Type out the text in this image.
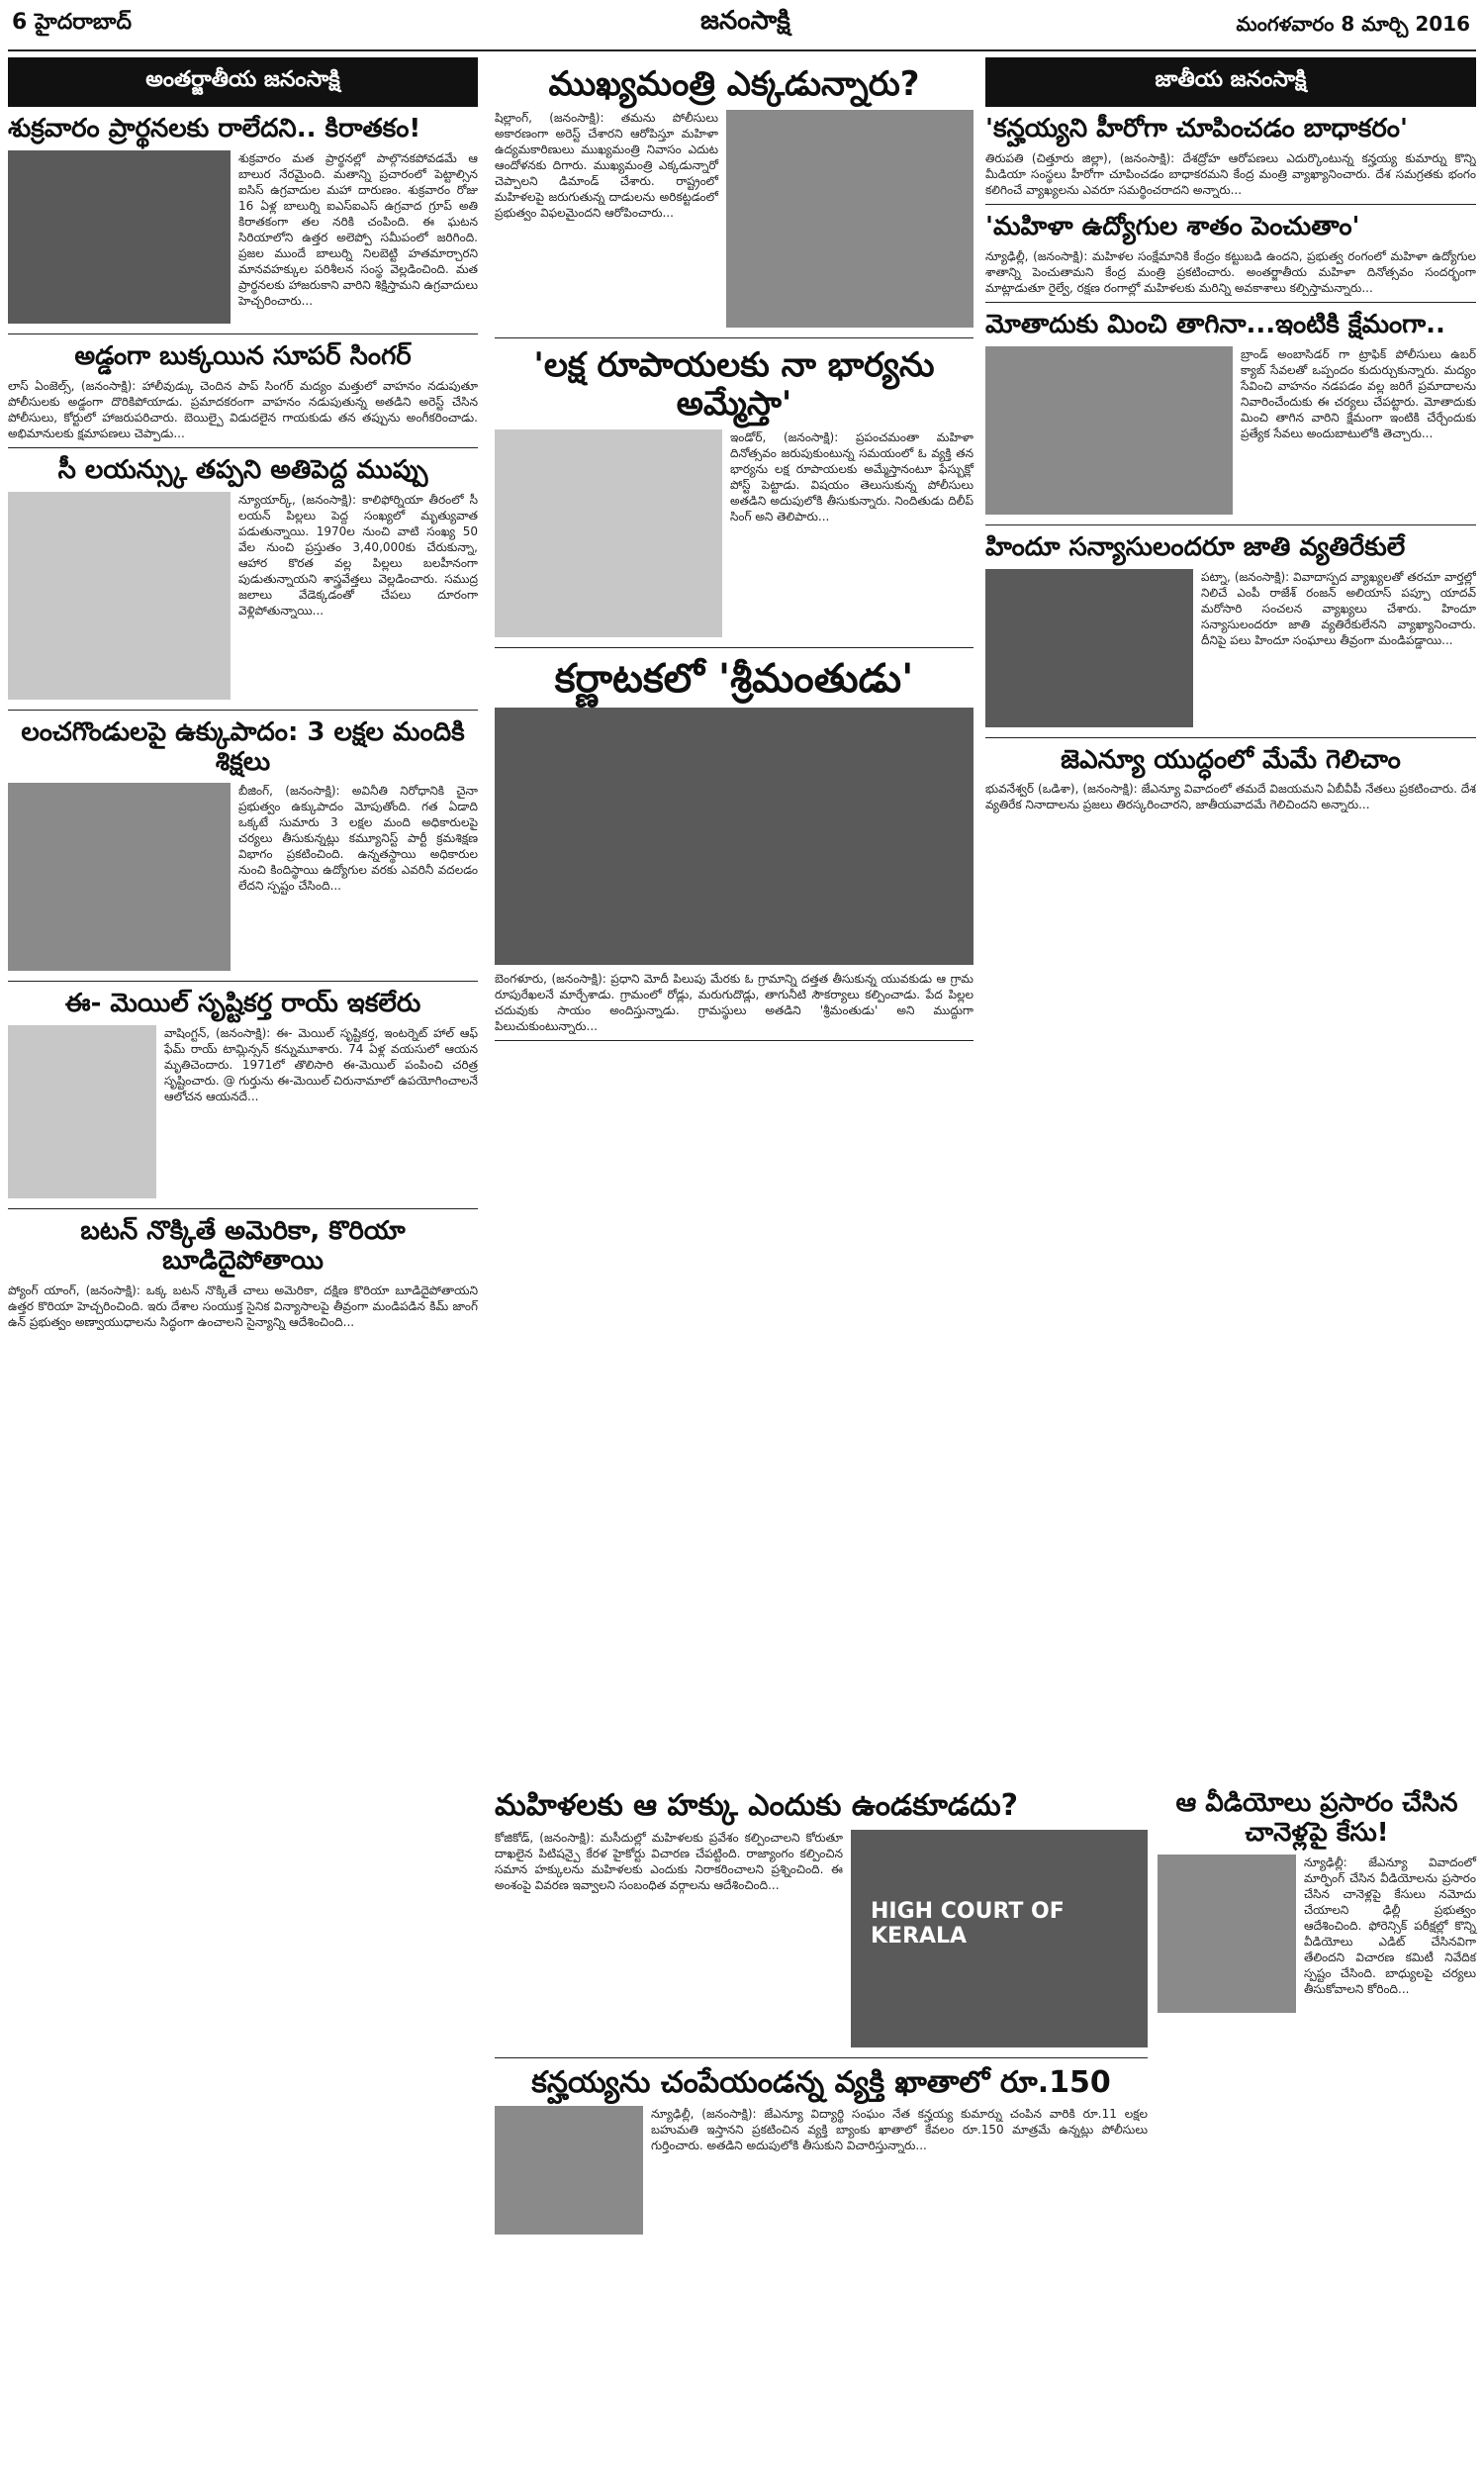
6 హైదరాబాద్	జనంసాక్షి	మంగళవారం 8 మార్చి 2016
అంతర్జాతీయ జనంసాక్షి
శుక్రవారం ప్రార్థనలకు రాలేదని.. కిరాతకం!
శుక్రవారం మత ప్రార్థనల్లో పాల్గొనకపోవడమే ఆ బాలుర నేరమైంది. మతాన్ని ప్రచారంలో పెట్టాల్సిన ఐసిస్ ఉగ్రవాదుల మహా దారుణం. శుక్రవారం రోజు 16 ఏళ్ల బాలుర్ని ఐఎస్ఐఎస్ ఉగ్రవాద గ్రూప్ అతి కిరాతకంగా తల నరికి చంపింది. ఈ ఘటన సిరియాలోని ఉత్తర అలెప్పో సమీపంలో జరిగింది. ప్రజల ముందే బాలుర్ని నిలబెట్టి హతమార్చారని మానవహక్కుల పరిశీలన సంస్థ వెల్లడించింది. మత ప్రార్థనలకు హాజరుకాని వారిని శిక్షిస్తామని ఉగ్రవాదులు హెచ్చరించారు...
అడ్డంగా బుక్కయిన సూపర్ సింగర్
లాస్ ఏంజెల్స్, (జనంసాక్షి): హాలీవుడ్కు చెందిన పాప్ సింగర్ మద్యం మత్తులో వాహనం నడుపుతూ పోలీసులకు అడ్డంగా దొరికిపోయాడు. ప్రమాదకరంగా వాహనం నడుపుతున్న అతడిని అరెస్ట్ చేసిన పోలీసులు, కోర్టులో హాజరుపరిచారు. బెయిల్పై విడుదలైన గాయకుడు తన తప్పును అంగీకరించాడు. అభిమానులకు క్షమాపణలు చెప్పాడు...
సీ లయన్స్కు తప్పని అతిపెద్ద ముప్పు
న్యూయార్క్, (జనంసాక్షి): కాలిఫోర్నియా తీరంలో సీ లయన్ పిల్లలు పెద్ద సంఖ్యలో మృత్యువాత పడుతున్నాయి. 1970ల నుంచి వాటి సంఖ్య 50 వేల నుంచి ప్రస్తుతం 3,40,000కు చేరుకున్నా, ఆహార కొరత వల్ల పిల్లలు బలహీనంగా పుడుతున్నాయని శాస్త్రవేత్తలు వెల్లడించారు. సముద్ర జలాలు వేడెక్కడంతో చేపలు దూరంగా వెళ్లిపోతున్నాయి...
లంచగొండులపై ఉక్కుపాదం: 3 లక్షల మందికి శిక్షలు
బీజింగ్, (జనంసాక్షి): అవినీతి నిరోధానికి చైనా ప్రభుత్వం ఉక్కుపాదం మోపుతోంది. గత ఏడాది ఒక్కటే సుమారు 3 లక్షల మంది అధికారులపై చర్యలు తీసుకున్నట్లు కమ్యూనిస్ట్ పార్టీ క్రమశిక్షణ విభాగం ప్రకటించింది. ఉన్నతస్థాయి అధికారుల నుంచి కిందిస్థాయి ఉద్యోగుల వరకు ఎవరినీ వదలడం లేదని స్పష్టం చేసింది...
ఈ- మెయిల్ సృష్టికర్త రాయ్ ఇకలేరు
వాషింగ్టన్, (జనంసాక్షి): ఈ- మెయిల్ సృష్టికర్త, ఇంటర్నెట్ హాల్ ఆఫ్ ఫేమ్ రాయ్ టామ్లిన్సన్ కన్నుమూశారు. 74 ఏళ్ల వయసులో ఆయన మృతిచెందారు. 1971లో తొలిసారి ఈ-మెయిల్ పంపించి చరిత్ర సృష్టించారు. @ గుర్తును ఈ-మెయిల్ చిరునామాలో ఉపయోగించాలనే ఆలోచన ఆయనదే...
బటన్ నొక్కితే అమెరికా, కొరియా బూడిదైపోతాయి
ప్యోంగ్ యాంగ్, (జనంసాక్షి): ఒక్క బటన్ నొక్కితే చాలు అమెరికా, దక్షిణ కొరియా బూడిదైపోతాయని ఉత్తర కొరియా హెచ్చరించింది. ఇరు దేశాల సంయుక్త సైనిక విన్యాసాలపై తీవ్రంగా మండిపడిన కిమ్ జాంగ్ ఉన్ ప్రభుత్వం అణ్వాయుధాలను సిద్ధంగా ఉంచాలని సైన్యాన్ని ఆదేశించింది...
ముఖ్యమంత్రి ఎక్కడున్నారు?
షిల్లాంగ్, (జనంసాక్షి): తమను పోలీసులు అకారణంగా అరెస్ట్ చేశారని ఆరోపిస్తూ మహిళా ఉద్యమకారిణులు ముఖ్యమంత్రి నివాసం ఎదుట ఆందోళనకు దిగారు. ముఖ్యమంత్రి ఎక్కడున్నారో చెప్పాలని డిమాండ్ చేశారు. రాష్ట్రంలో మహిళలపై జరుగుతున్న దాడులను అరికట్టడంలో ప్రభుత్వం విఫలమైందని ఆరోపించారు...
'లక్ష రూపాయలకు నా భార్యను అమ్మేస్తా'
ఇండోర్, (జనంసాక్షి): ప్రపంచమంతా మహిళా దినోత్సవం జరుపుకుంటున్న సమయంలో ఓ వ్యక్తి తన భార్యను లక్ష రూపాయలకు అమ్మేస్తానంటూ ఫేస్బుక్లో పోస్ట్ పెట్టాడు. విషయం తెలుసుకున్న పోలీసులు అతడిని అదుపులోకి తీసుకున్నారు. నిందితుడు దిలీప్ సింగ్ అని తెలిపారు...
కర్ణాటకలో 'శ్రీమంతుడు'
బెంగళూరు, (జనంసాక్షి): ప్రధాని మోదీ పిలుపు మేరకు ఓ గ్రామాన్ని దత్తత తీసుకున్న యువకుడు ఆ గ్రామ రూపురేఖలనే మార్చేశాడు. గ్రామంలో రోడ్లు, మరుగుదొడ్లు, తాగునీటి సౌకర్యాలు కల్పించాడు. పేద పిల్లల చదువుకు సాయం అందిస్తున్నాడు. గ్రామస్థులు అతడిని 'శ్రీమంతుడు' అని ముద్దుగా పిలుచుకుంటున్నారు...
మహిళలకు ఆ హక్కు ఎందుకు ఉండకూడదు?
HIGH COURT OF KERALA
కోజికోడ్, (జనంసాక్షి): మసీదుల్లో మహిళలకు ప్రవేశం కల్పించాలని కోరుతూ దాఖలైన పిటిషన్పై కేరళ హైకోర్టు విచారణ చేపట్టింది. రాజ్యాంగం కల్పించిన సమాన హక్కులను మహిళలకు ఎందుకు నిరాకరించాలని ప్రశ్నించింది. ఈ అంశంపై వివరణ ఇవ్వాలని సంబంధిత వర్గాలను ఆదేశించింది...
కన్హయ్యను చంపేయండన్న వ్యక్తి ఖాతాలో రూ.150
న్యూఢిల్లీ, (జనంసాక్షి): జేఎన్యూ విద్యార్థి సంఘం నేత కన్హయ్య కుమార్ను చంపిన వారికి రూ.11 లక్షల బహుమతి ఇస్తానని ప్రకటించిన వ్యక్తి బ్యాంకు ఖాతాలో కేవలం రూ.150 మాత్రమే ఉన్నట్లు పోలీసులు గుర్తించారు. అతడిని అదుపులోకి తీసుకుని విచారిస్తున్నారు...
జాతీయ జనంసాక్షి
'కన్హయ్యని హీరోగా చూపించడం బాధాకరం'
తిరుపతి (చిత్తూరు జిల్లా), (జనంసాక్షి): దేశద్రోహ ఆరోపణలు ఎదుర్కొంటున్న కన్హయ్య కుమార్ను కొన్ని మీడియా సంస్థలు హీరోగా చూపించడం బాధాకరమని కేంద్ర మంత్రి వ్యాఖ్యానించారు. దేశ సమగ్రతకు భంగం కలిగించే వ్యాఖ్యలను ఎవరూ సమర్థించరాదని అన్నారు...
'మహిళా ఉద్యోగుల శాతం పెంచుతాం'
న్యూఢిల్లీ, (జనంసాక్షి): మహిళల సంక్షేమానికి కేంద్రం కట్టుబడి ఉందని, ప్రభుత్వ రంగంలో మహిళా ఉద్యోగుల శాతాన్ని పెంచుతామని కేంద్ర మంత్రి ప్రకటించారు. అంతర్జాతీయ మహిళా దినోత్సవం సందర్భంగా మాట్లాడుతూ రైల్వే, రక్షణ రంగాల్లో మహిళలకు మరిన్ని అవకాశాలు కల్పిస్తామన్నారు...
మోతాదుకు మించి తాగినా...ఇంటికి క్షేమంగా..
బ్రాండ్ అంబాసిడర్ గా ట్రాఫిక్ పోలీసులు ఉబర్ క్యాబ్ సేవలతో ఒప్పందం కుదుర్చుకున్నారు. మద్యం సేవించి వాహనం నడపడం వల్ల జరిగే ప్రమాదాలను నివారించేందుకు ఈ చర్యలు చేపట్టారు. మోతాదుకు మించి తాగిన వారిని క్షేమంగా ఇంటికి చేర్చేందుకు ప్రత్యేక సేవలు అందుబాటులోకి తెచ్చారు...
హిందూ సన్యాసులందరూ జాతి వ్యతిరేకులే
పట్నా, (జనంసాక్షి): వివాదాస్పద వ్యాఖ్యలతో తరచూ వార్తల్లో నిలిచే ఎంపీ రాజేశ్ రంజన్ అలియాస్ పప్పూ యాదవ్ మరోసారి సంచలన వ్యాఖ్యలు చేశారు. హిందూ సన్యాసులందరూ జాతి వ్యతిరేకులేనని వ్యాఖ్యానించారు. దీనిపై పలు హిందూ సంఘాలు తీవ్రంగా మండిపడ్డాయి...
జెఎన్యూ యుద్ధంలో మేమే గెలిచాం
భువనేశ్వర్ (ఒడిశా), (జనంసాక్షి): జేఎన్యూ వివాదంలో తమదే విజయమని ఏబీవీపీ నేతలు ప్రకటించారు. దేశ వ్యతిరేక నినాదాలను ప్రజలు తిరస్కరించారని, జాతీయవాదమే గెలిచిందని అన్నారు...
ఆ వీడియోలు ప్రసారం చేసిన చానెళ్లపై కేసు!
న్యూఢిల్లీ: జేఎన్యూ వివాదంలో మార్ఫింగ్ చేసిన వీడియోలను ప్రసారం చేసిన చానెళ్లపై కేసులు నమోదు చేయాలని ఢిల్లీ ప్రభుత్వం ఆదేశించింది. ఫోరెన్సిక్ పరీక్షల్లో కొన్ని వీడియోలు ఎడిట్ చేసినవిగా తేలిందని విచారణ కమిటీ నివేదిక స్పష్టం చేసింది. బాధ్యులపై చర్యలు తీసుకోవాలని కోరింది...
